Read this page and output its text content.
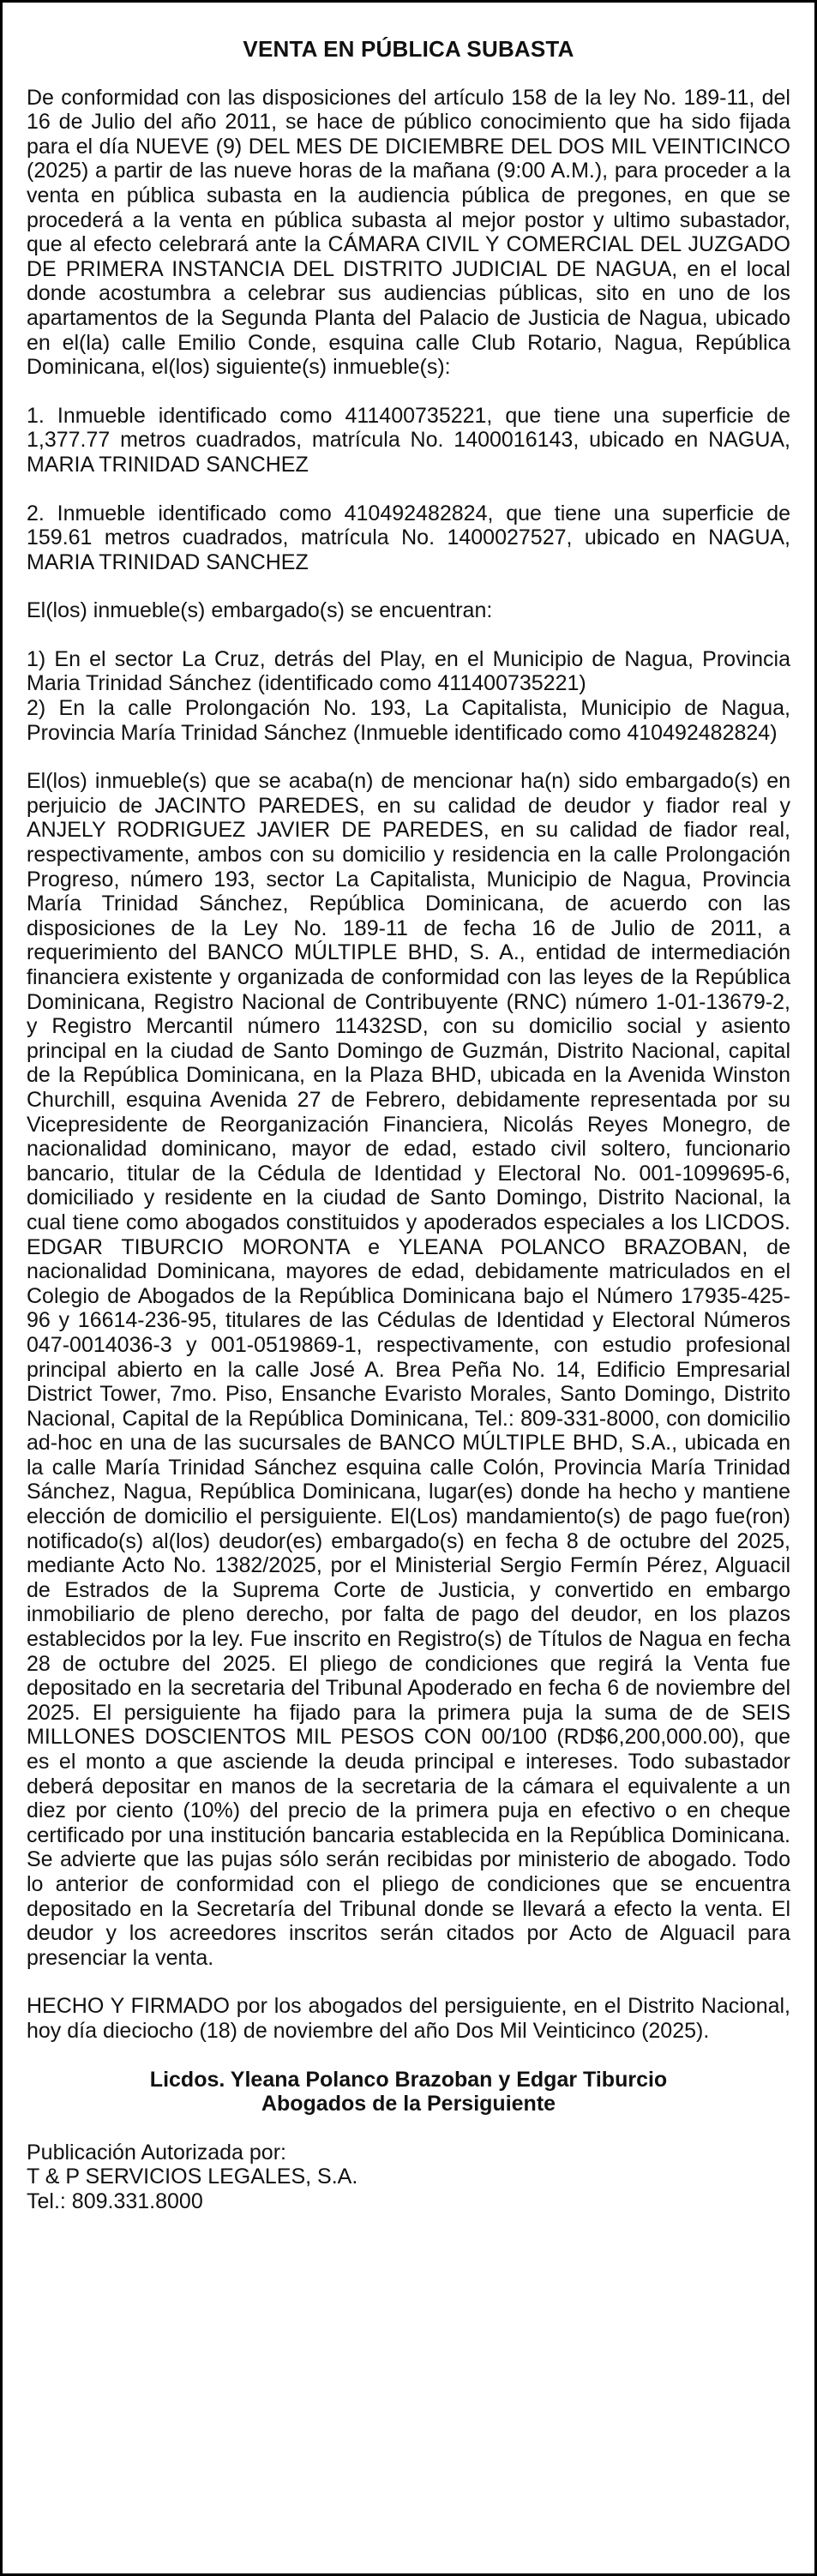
VENTA EN PÚBLICA SUBASTA

De conformidad con las disposiciones del artículo 158 de la ley No. 189-11, del 16 de Julio del año 2011, se hace de público conocimiento que ha sido fijada para el día NUEVE (9) DEL MES DE DICIEMBRE DEL DOS MIL VEINTICINCO (2025) a partir de las nueve horas de la mañana (9:00 A.M.), para proceder a la venta en pública subasta en la audiencia pública de pregones, en que se procederá a la venta en pública subasta al mejor postor y ultimo subastador, que al efecto celebrará ante la CÁMARA CIVIL Y COMERCIAL DEL JUZGADO DE PRIMERA INSTANCIA DEL DISTRITO JUDICIAL DE NAGUA, en el local donde acostumbra a celebrar sus audiencias públicas, sito en uno de los apartamentos de la Segunda Planta del Palacio de Justicia de Nagua, ubicado en el(la) calle Emilio Conde, esquina calle Club Rotario, Nagua, República Dominicana, el(los) siguiente(s) inmueble(s):

1. Inmueble identificado como 411400735221, que tiene una superficie de 1,377.77 metros cuadrados, matrícula No. 1400016143, ubicado en NAGUA, MARIA TRINIDAD SANCHEZ

2. Inmueble identificado como 410492482824, que tiene una superficie de 159.61 metros cuadrados, matrícula No. 1400027527, ubicado en NAGUA, MARIA TRINIDAD SANCHEZ

El(los) inmueble(s) embargado(s) se encuentran:

1) En el sector La Cruz, detrás del Play, en el Municipio de Nagua, Provincia Maria Trinidad Sánchez (identificado como 411400735221)

2) En la calle Prolongación No. 193, La Capitalista, Municipio de Nagua, Provincia María Trinidad Sánchez (Inmueble identificado como 410492482824)

El(los) inmueble(s) que se acaba(n) de mencionar ha(n) sido embargado(s) en perjuicio de JACINTO PAREDES, en su calidad de deudor y fiador real y ANJELY RODRIGUEZ JAVIER DE PAREDES, en su calidad de fiador real, respectivamente, ambos con su domicilio y residencia en la calle Prolongación Progreso, número 193, sector La Capitalista, Municipio de Nagua, Provincia María Trinidad Sánchez, República Dominicana, de acuerdo con las disposiciones de la Ley No. 189-11 de fecha 16 de Julio de 2011, a requerimiento del BANCO MÚLTIPLE BHD, S. A., entidad de intermediación financiera existente y organizada de conformidad con las leyes de la República Dominicana, Registro Nacional de Contribuyente (RNC) número 1-01-13679-2, y Registro Mercantil número 11432SD, con su domicilio social y asiento principal en la ciudad de Santo Domingo de Guzmán, Distrito Nacional, capital de la República Dominicana, en la Plaza BHD, ubicada en la Avenida Winston Churchill, esquina Avenida 27 de Febrero, debidamente representada por su Vicepresidente de Reorganización Financiera, Nicolás Reyes Monegro, de nacionalidad dominicano, mayor de edad, estado civil soltero, funcionario bancario, titular de la Cédula de Identidad y Electoral No. 001-1099695-6, domiciliado y residente en la ciudad de Santo Domingo, Distrito Nacional, la cual tiene como abogados constituidos y apoderados especiales a los LICDOS. EDGAR TIBURCIO MORONTA e YLEANA POLANCO BRAZOBAN, de nacionalidad Dominicana, mayores de edad, debidamente matriculados en el Colegio de Abogados de la República Dominicana bajo el Número 17935-425-96 y 16614-236-95, titulares de las Cédulas de Identidad y Electoral Números 047-0014036-3 y 001-0519869-1, respectivamente, con estudio profesional principal abierto en la calle José A. Brea Peña No. 14, Edificio Empresarial District Tower, 7mo. Piso, Ensanche Evaristo Morales, Santo Domingo, Distrito Nacional, Capital de la República Dominicana, Tel.: 809-331-8000, con domicilio ad-hoc en una de las sucursales de BANCO MÚLTIPLE BHD, S.A., ubicada en la calle María Trinidad Sánchez esquina calle Colón, Provincia María Trinidad Sánchez, Nagua, República Dominicana, lugar(es) donde ha hecho y mantiene elección de domicilio el persiguiente. El(Los) mandamiento(s) de pago fue(ron) notificado(s) al(los) deudor(es) embargado(s) en fecha 8 de octubre del 2025, mediante Acto No. 1382/2025, por el Ministerial Sergio Fermín Pérez, Alguacil de Estrados de la Suprema Corte de Justicia, y convertido en embargo inmobiliario de pleno derecho, por falta de pago del deudor, en los plazos establecidos por la ley. Fue inscrito en Registro(s) de Títulos de Nagua en fecha 28 de octubre del 2025. El pliego de condiciones que regirá la Venta fue depositado en la secretaria del Tribunal Apoderado en fecha 6 de noviembre del 2025. El persiguiente ha fijado para la primera puja la suma de de SEIS MILLONES DOSCIENTOS MIL PESOS CON 00/100 (RD$6,200,000.00), que es el monto a que asciende la deuda principal e intereses. Todo subastador deberá depositar en manos de la secretaria de la cámara el equivalente a un diez por ciento (10%) del precio de la primera puja en efectivo o en cheque certificado por una institución bancaria establecida en la República Dominicana. Se advierte que las pujas sólo serán recibidas por ministerio de abogado. Todo lo anterior de conformidad con el pliego de condiciones que se encuentra depositado en la Secretaría del Tribunal donde se llevará a efecto la venta. El deudor y los acreedores inscritos serán citados por Acto de Alguacil para presenciar la venta.

HECHO Y FIRMADO por los abogados del persiguiente, en el Distrito Nacional, hoy día dieciocho (18) de noviembre del año Dos Mil Veinticinco (2025).

Licdos. Yleana Polanco Brazoban y Edgar Tiburcio
Abogados de la Persiguiente

Publicación Autorizada por:

T & P SERVICIOS LEGALES, S.A.

Tel.: 809.331.8000
